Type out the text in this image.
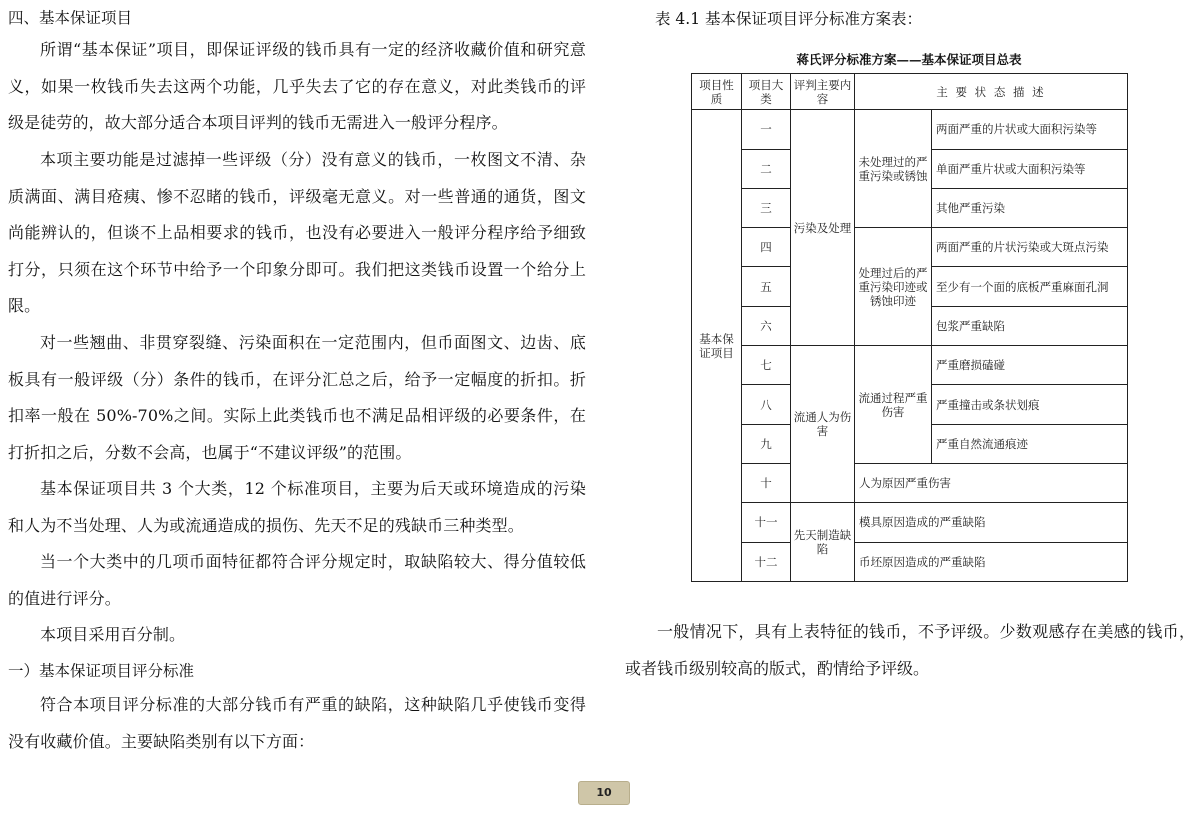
四、基本保证项目

所谓“基本保证”项目，即保证评级的钱币具有一定的经济收藏价值和研究意义，如果一枚钱币失去这两个功能，几乎失去了它的存在意义，对此类钱币的评级是徒劳的，故大部分适合本项目评判的钱币无需进入一般评分程序。

本项主要功能是过滤掉一些评级（分）没有意义的钱币，一枚图文不清、杂质满面、满目疮痍、惨不忍睹的钱币，评级毫无意义。对一些普通的通货，图文尚能辨认的，但谈不上品相要求的钱币，也没有必要进入一般评分程序给予细致打分，只须在这个环节中给予一个印象分即可。我们把这类钱币设置一个给分上限。

对一些翘曲、非贯穿裂缝、污染面积在一定范围内，但币面图文、边齿、底板具有一般评级（分）条件的钱币，在评分汇总之后，给予一定幅度的折扣。折扣率一般在 50%-70%之间。实际上此类钱币也不满足品相评级的必要条件，在打折扣之后，分数不会高，也属于“不建议评级”的范围。

基本保证项目共 3 个大类，12 个标准项目，主要为后天或环境造成的污染和人为不当处理、人为或流通造成的损伤、先天不足的残缺币三种类型。

当一个大类中的几项币面特征都符合评分规定时，取缺陷较大、得分值较低的值进行评分。

本项目采用百分制。

一）基本保证项目评分标准

符合本项目评分标准的大部分钱币有严重的缺陷，这种缺陷几乎使钱币变得没有收藏价值。主要缺陷类别有以下方面：

表 4.1 基本保证项目评分标准方案表：
蒋氏评分标准方案——基本保证项目总表
项目性质	项目大类	评判主要内容	主 要 状 态 描 述	
基本保证项目	一	污染及处理	未处理过的严重污染或锈蚀	两面严重的片状或大面积污染等
	二			单面严重片状或大面积污染等
	三			其他严重污染
	四		处理过后的严重污染印迹或锈蚀印迹	两面严重的片状污染或大斑点污染
	五			至少有一个面的底板严重麻面孔洞
	六			包浆严重缺陷
	七	流通人为伤害	流通过程严重伤害	严重磨损磕碰
	八			严重撞击或条状划痕
	九			严重自然流通痕迹
	十		人为原因严重伤害	
	十一	先天制造缺陷	模具原因造成的严重缺陷	
	十二		币坯原因造成的严重缺陷	

一般情况下，具有上表特征的钱币，不予评级。少数观感存在美感的钱币，或者钱币级别较高的版式，酌情给予评级。

10
